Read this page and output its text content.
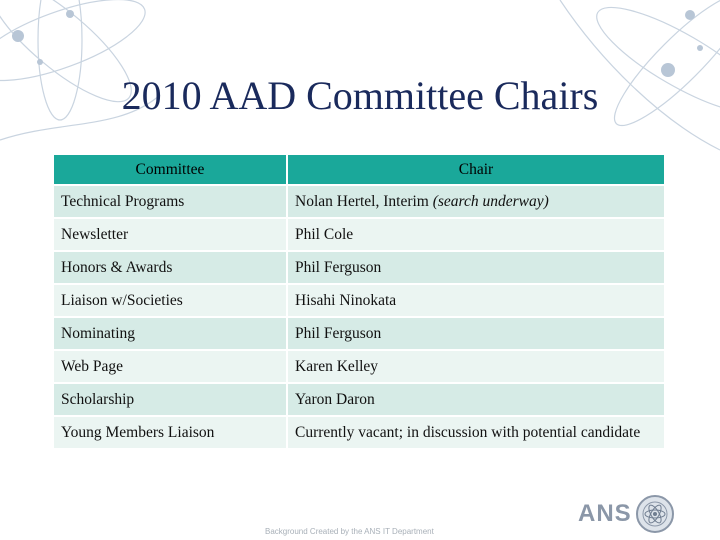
2010 AAD Committee Chairs
Committee	Chair
Technical Programs	Nolan Hertel, Interim (search underway)
Newsletter	Phil Cole
Honors & Awards	Phil Ferguson
Liaison w/Societies	Hisahi Ninokata
Nominating	Phil Ferguson
Web Page	Karen Kelley
Scholarship	Yaron Daron
Young Members Liaison	Currently vacant; in discussion with potential candidate
ANS
Background Created by the ANS IT Department
